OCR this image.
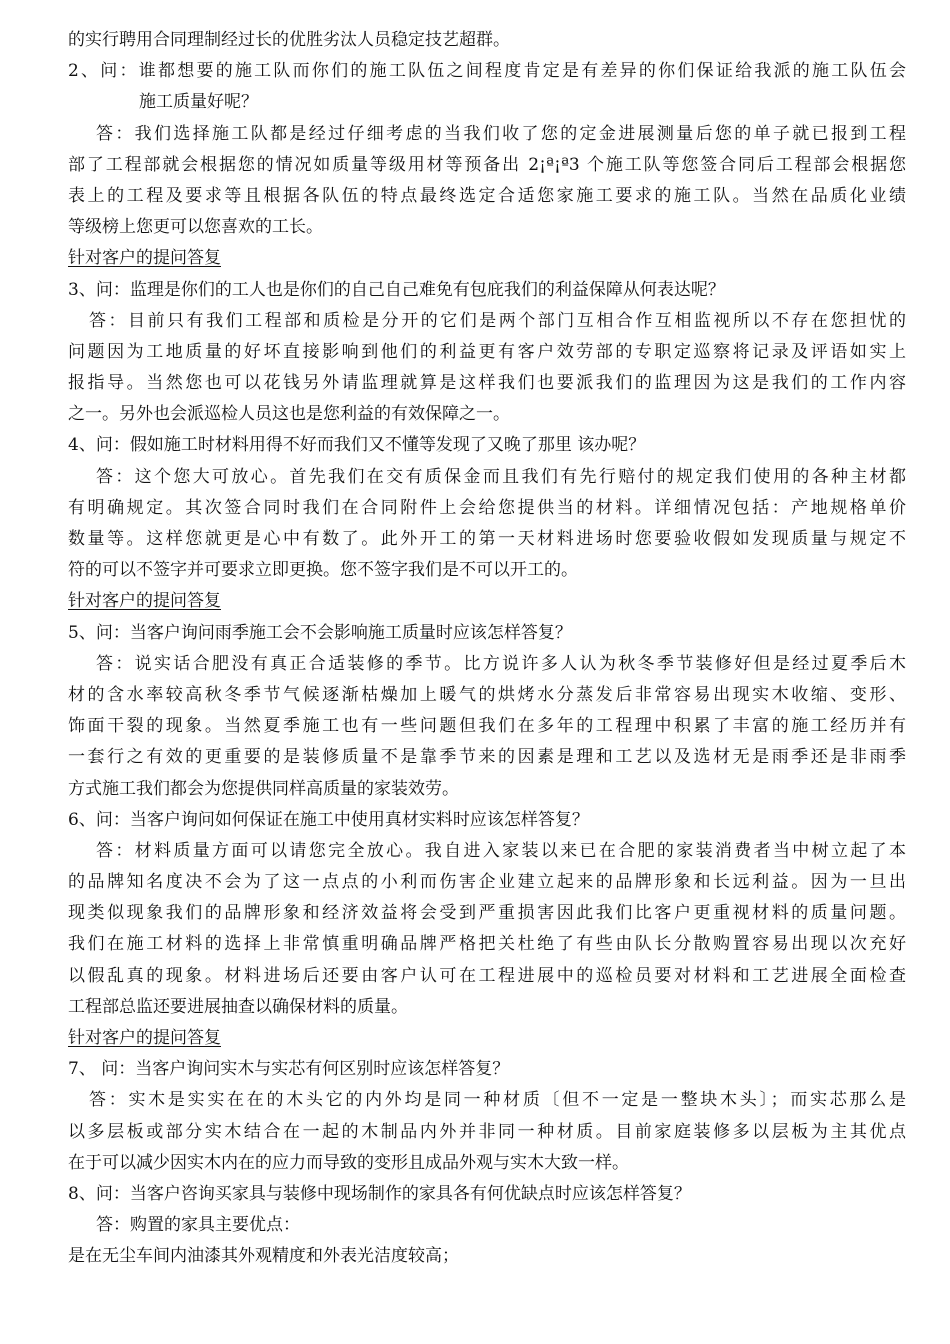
的实行聘用合同理制经过长的优胜劣汰人员稳定技艺超群。
2、问：谁都想要的施工队而你们的施工队伍之间程度肯定是有差异的你们保证给我派的施工队伍会
施工质量好呢？
答：我们选择施工队都是经过仔细考虑的当我们收了您的定金进展测量后您的单子就已报到工程
部了工程部就会根据您的情况如质量等级用材等预备出 2¡ª¡ª3 个施工队等您签合同后工程部会根据您
表上的工程及要求等且根据各队伍的特点最终选定合适您家施工要求的施工队。当然在品质化业绩
等级榜上您更可以您喜欢的工长。
针对客户的提问答复
3、问：监理是你们的工人也是你们的自己自己难免有包庇我们的利益保障从何表达呢？
答：目前只有我们工程部和质检是分开的它们是两个部门互相合作互相监视所以不存在您担忧的
问题因为工地质量的好坏直接影响到他们的利益更有客户效劳部的专职定巡察将记录及评语如实上
报指导。当然您也可以花钱另外请监理就算是这样我们也要派我们的监理因为这是我们的工作内容
之一。另外也会派巡检人员这也是您利益的有效保障之一。
4、问：假如施工时材料用得不好而我们又不懂等发现了又晚了那里 该办呢？
答：这个您大可放心。首先我们在交有质保金而且我们有先行赔付的规定我们使用的各种主材都
有明确规定。其次签合同时我们在合同附件上会给您提供当的材料。详细情况包括：产地规格单价
数量等。这样您就更是心中有数了。此外开工的第一天材料进场时您要验收假如发现质量与规定不
符的可以不签字并可要求立即更换。您不签字我们是不可以开工的。
针对客户的提问答复
5、问：当客户询问雨季施工会不会影响施工质量时应该怎样答复？
答：说实话合肥没有真正合适装修的季节。比方说许多人认为秋冬季节装修好但是经过夏季后木
材的含水率较高秋冬季节气候逐渐枯燥加上暖气的烘烤水分蒸发后非常容易出现实木收缩、变形、
饰面干裂的现象。当然夏季施工也有一些问题但我们在多年的工程理中积累了丰富的施工经历并有
一套行之有效的更重要的是装修质量不是靠季节来的因素是理和工艺以及选材无是雨季还是非雨季
方式施工我们都会为您提供同样高质量的家装效劳。
6、问：当客户询问如何保证在施工中使用真材实料时应该怎样答复？
答：材料质量方面可以请您完全放心。我自进入家装以来已在合肥的家装消费者当中树立起了本
的品牌知名度决不会为了这一点点的小利而伤害企业建立起来的品牌形象和长远利益。因为一旦出
现类似现象我们的品牌形象和经济效益将会受到严重损害因此我们比客户更重视材料的质量问题。
我们在施工材料的选择上非常慎重明确品牌严格把关杜绝了有些由队长分散购置容易出现以次充好
以假乱真的现象。材料进场后还要由客户认可在工程进展中的巡检员要对材料和工艺进展全面检查
工程部总监还要进展抽查以确保材料的质量。
针对客户的提问答复
7、 问：当客户询问实木与实芯有何区别时应该怎样答复？
答：实木是实实在在的木头它的内外均是同一种材质〔但不一定是一整块木头〕；而实芯那么是
以多层板或部分实木结合在一起的木制品内外并非同一种材质。目前家庭装修多以层板为主其优点
在于可以减少因实木内在的应力而导致的变形且成品外观与实木大致一样。
8、问：当客户咨询买家具与装修中现场制作的家具各有何优缺点时应该怎样答复？
答：购置的家具主要优点：
是在无尘车间内油漆其外观精度和外表光洁度较高；
